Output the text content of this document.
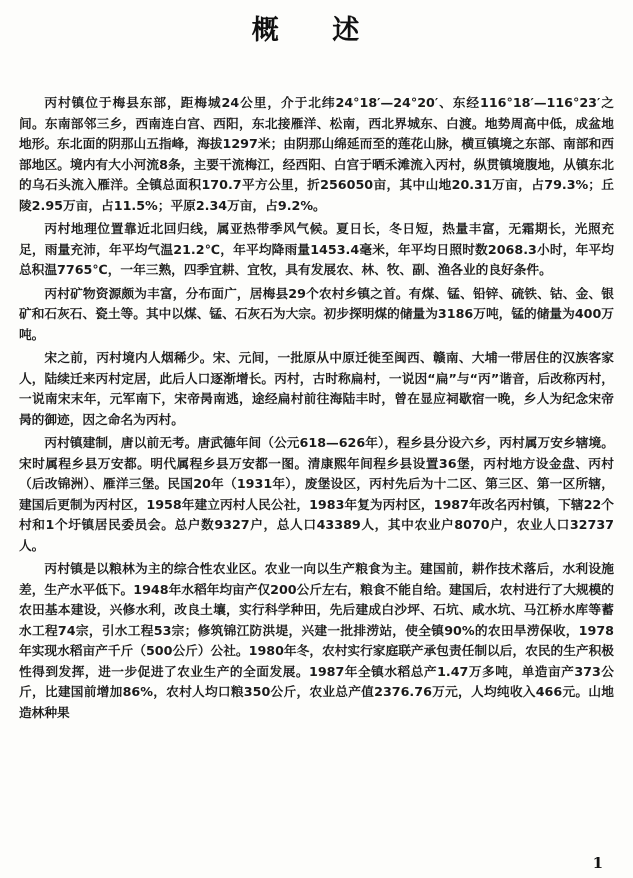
概 述

丙村镇位于梅县东部，距梅城24公里，介于北纬24°18′—24°20′、东经116°18′—116°23′之间。东南部邻三乡，西南连白宫、西阳，东北接雁洋、松南，西北界城东、白渡。地势周高中低，成盆地地形。东北面的阴那山五指峰，海拔1297米；由阴那山绵延而至的莲花山脉，横亘镇境之东部、南部和西部地区。境内有大小河流8条，主要干流梅江，经西阳、白宫于晒禾滩流入丙村，纵贯镇境腹地，从镇东北的乌石头流入雁洋。全镇总面积170.7平方公里，折256050亩，其中山地20.31万亩，占79.3%；丘陵2.95万亩，占11.5%；平原2.34万亩，占9.2%。

丙村地理位置靠近北回归线，属亚热带季风气候。夏日长，冬日短，热量丰富，无霜期长，光照充足，雨量充沛，年平均气温21.2℃，年平均降雨量1453.4毫米，年平均日照时数2068.3小时，年平均总积温7765℃，一年三熟，四季宜耕、宜牧，具有发展农、林、牧、副、渔各业的良好条件。

丙村矿物资源颇为丰富，分布面广，居梅县29个农村乡镇之首。有煤、锰、铅锌、硫铁、钴、金、银矿和石灰石、瓷土等。其中以煤、锰、石灰石为大宗。初步探明煤的储量为3186万吨，锰的储量为400万吨。

宋之前，丙村境内人烟稀少。宋、元间，一批原从中原迁徙至闽西、赣南、大埔一带居住的汉族客家人，陆续迁来丙村定居，此后人口逐渐增长。丙村，古时称扁村，一说因“扁”与“丙”谐音，后改称丙村，一说南宋末年，元军南下，宋帝昺南逃，途经扁村前往海陆丰时，曾在显应祠歇宿一晚，乡人为纪念宋帝昺的御迹，因之命名为丙村。

丙村镇建制，唐以前无考。唐武德年间（公元618—626年），程乡县分设六乡，丙村属万安乡辖境。宋时属程乡县万安都。明代属程乡县万安都一图。清康熙年间程乡县设置36堡，丙村地方设金盘、丙村（后改锦洲）、雁洋三堡。民国20年（1931年），废堡设区，丙村先后为十二区、第三区、第一区所辖，建国后更制为丙村区，1958年建立丙村人民公社，1983年复为丙村区，1987年改名丙村镇，下辖22个村和1个圩镇居民委员会。总户数9327户，总人口43389人，其中农业户8070户，农业人口32737人。

丙村镇是以粮林为主的综合性农业区。农业一向以生产粮食为主。建国前，耕作技术落后，水利设施差，生产水平低下。1948年水稻年均亩产仅200公斤左右，粮食不能自给。建国后，农村进行了大规模的农田基本建设，兴修水利，改良土壤，实行科学种田，先后建成白沙坪、石坑、咸水坑、马江桥水库等蓄水工程74宗，引水工程53宗；修筑锦江防洪堤，兴建一批排涝站，使全镇90%的农田旱涝保收，1978年实现水稻亩产千斤（500公斤）公社。1980年冬，农村实行家庭联产承包责任制以后，农民的生产积极性得到发挥，进一步促进了农业生产的全面发展。1987年全镇水稻总产1.47万多吨，单造亩产373公斤，比建国前增加86%，农村人均口粮350公斤，农业总产值2376.76万元，人均纯收入466元。山地造林种果

1
